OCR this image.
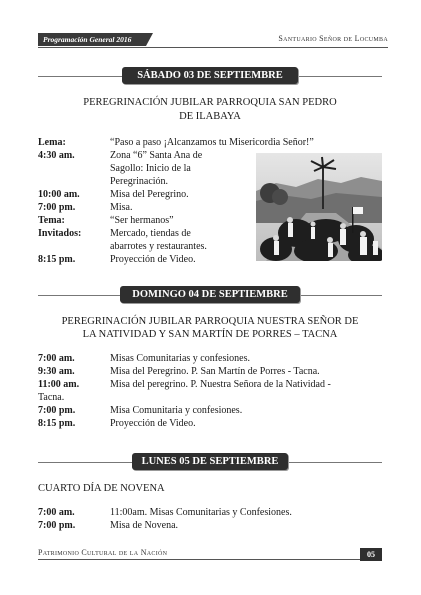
Programación General 2016	Santuario Señor de Locumba
SÁBADO 03 DE SEPTIEMBRE
PEREGRINACIÓN JUBILAR PARROQUIA SAN PEDRO DE ILABAYA
Lema:	“Paso a paso ¡Alcanzamos tu Misericordia Señor!”
4:30 am.	Zona “6” Santa Ana de
Sagollo: Inicio de la
Peregrinación.
10:00 am.	Misa del Peregrino.
7:00 pm.	Misa.
Tema:	“Ser hermanos”
Invitados:	Mercado, tiendas de
abarrotes y restaurantes.
8:15 pm.	Proyección de Video.
DOMINGO 04 DE SEPTIEMBRE
PEREGRINACIÓN JUBILAR PARROQUIA NUESTRA SEÑOR DE
LA NATIVIDAD Y SAN MARTÍN DE PORRES – TACNA
7:00 am.	Misas Comunitarias y confesiones.
9:30 am.	Misa del Peregrino. P. San Martín de Porres - Tacna.
11:00 am.	Misa del peregrino. P. Nuestra Señora de la Natividad -
Tacna.
7:00 pm.	Misa Comunitaria y confesiones.
8:15 pm.	Proyección de Video.
LUNES 05 DE SEPTIEMBRE
CUARTO DÍA DE NOVENA
7:00 am.	11:00am. Misas Comunitarias y Confesiones.
7:00 pm.	Misa de Novena.
Patrimonio Cultural de la Nación	05
